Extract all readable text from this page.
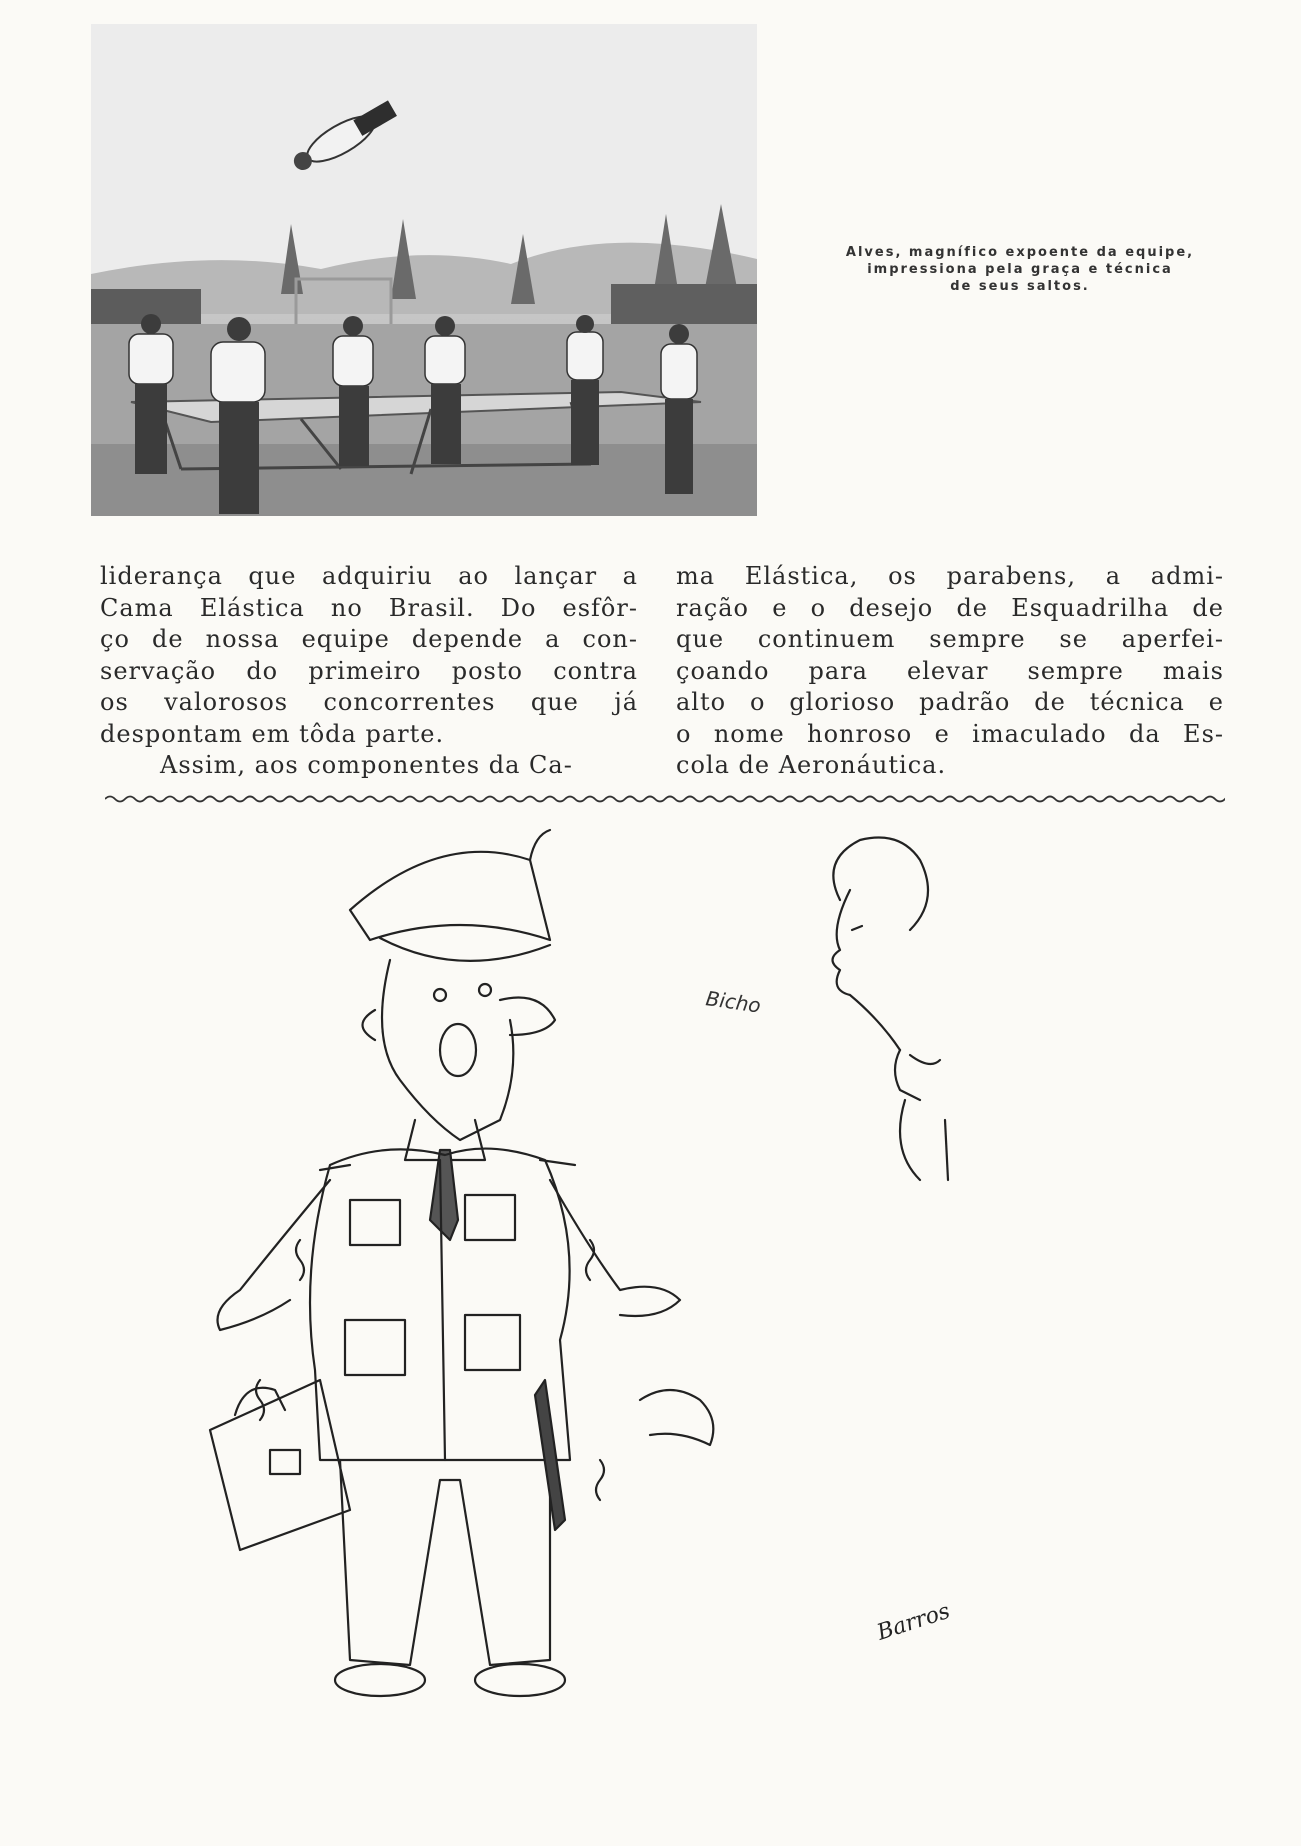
Alves, magnífico expoente da equipe,
impressiona pela graça e técnica
de seus saltos.

liderança que adquiriu ao lançar a

Cama Elástica no Brasil. Do esfôr-

ço de nossa equipe depende a con-

servação do primeiro posto contra

os valorosos concorrentes que já

despontam em tôda parte.

Assim, aos componentes da Ca-

ma Elástica, os parabens, a admi-

ração e o desejo de Esquadrilha de

que continuem sempre se aperfei-

çoando para elevar sempre mais

alto o glorioso padrão de técnica e

o nome honroso e imaculado da Es-

cola de Aeronáutica.

Bicho
Barros
